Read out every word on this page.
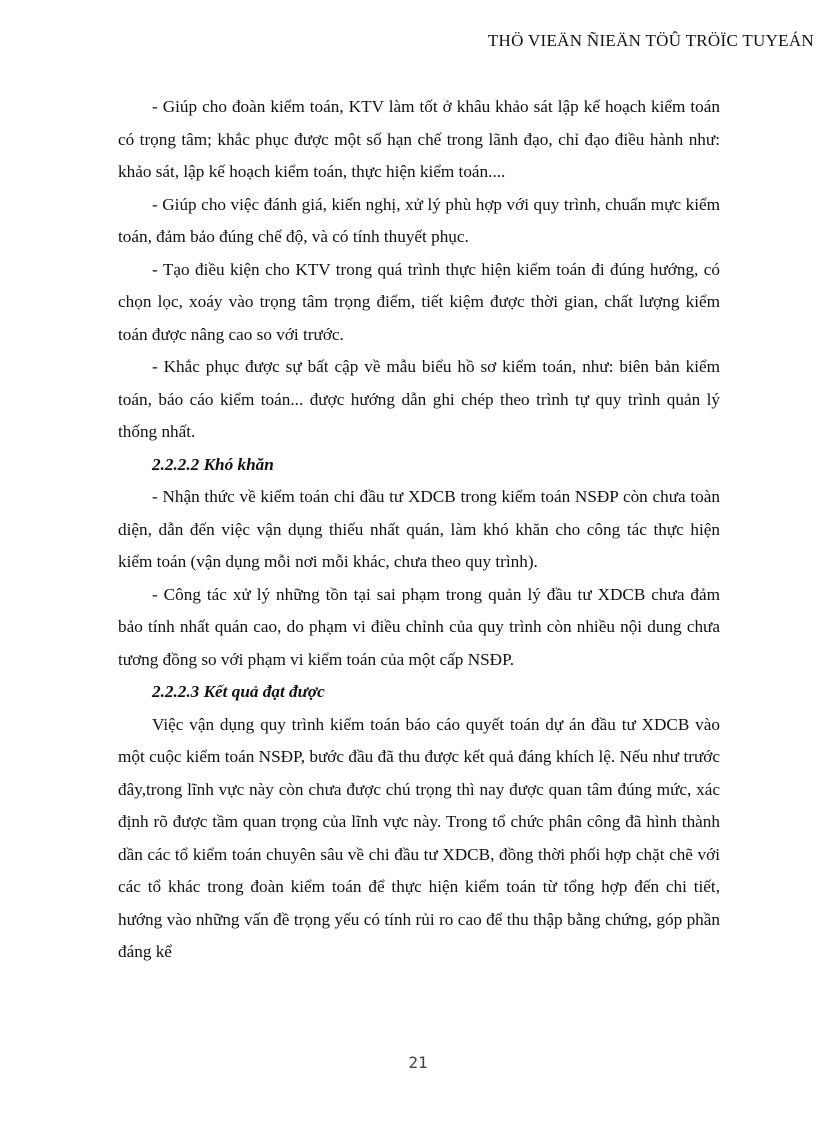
THÖ VIEÄN ÑIEÄN TÖÛ TRÖÏC TUYEÁN

- Giúp cho đoàn kiểm toán, KTV làm tốt ở khâu khảo sát lập kế hoạch kiểm toán có trọng tâm; khắc phục được một số hạn chế trong lãnh đạo, chỉ đạo điều hành như: khảo sát, lập kế hoạch kiểm toán, thực hiện kiểm toán....

- Giúp cho việc đánh giá, kiến nghị, xử lý phù hợp với quy trình, chuẩn mực kiểm toán, đảm bảo đúng chế độ, và có tính thuyết phục.

- Tạo điều kiện cho KTV trong quá trình thực hiện kiểm toán đi đúng hướng, có chọn lọc, xoáy vào trọng tâm trọng điểm, tiết kiệm được thời gian, chất lượng kiểm toán được nâng cao so với trước.

- Khắc phục được sự bất cập về mẫu biểu hồ sơ kiểm toán, như: biên bản kiểm toán, báo cáo kiểm toán... được hướng dẫn ghi chép theo trình tự quy trình quản lý thống nhất.

2.2.2.2 Khó khăn

- Nhận thức về kiểm toán chi đầu tư XDCB trong kiểm toán NSĐP còn chưa toàn diện, dẫn đến việc vận dụng thiếu nhất quán, làm khó khăn cho công tác thực hiện kiểm toán (vận dụng mỗi nơi mỗi khác, chưa theo quy trình).

- Công tác xử lý những tồn tại sai phạm trong quản lý đầu tư XDCB chưa đảm bảo tính nhất quán cao, do phạm vi điều chỉnh của quy trình còn nhiều nội dung chưa tương đồng so với phạm vi kiểm toán của một cấp NSĐP.

2.2.2.3 Kết quả đạt được

Việc vận dụng quy trình kiểm toán báo cáo quyết toán dự án đầu tư XDCB vào một cuộc kiểm toán NSĐP, bước đầu đã thu được kết quả đáng khích lệ. Nếu như trước đây,trong lĩnh vực này còn chưa được chú trọng thì nay được quan tâm đúng mức, xác định rõ được tầm quan trọng của lĩnh vực này. Trong tổ chức phân công đã hình thành dần các tổ kiểm toán chuyên sâu về chi đầu tư XDCB, đồng thời phối hợp chặt chẽ với các tổ khác trong đoàn kiểm toán để thực hiện kiểm toán từ tổng hợp đến chi tiết, hướng vào những vấn đề trọng yếu có tính rủi ro cao để thu thập bằng chứng, góp phần đáng kể

21
